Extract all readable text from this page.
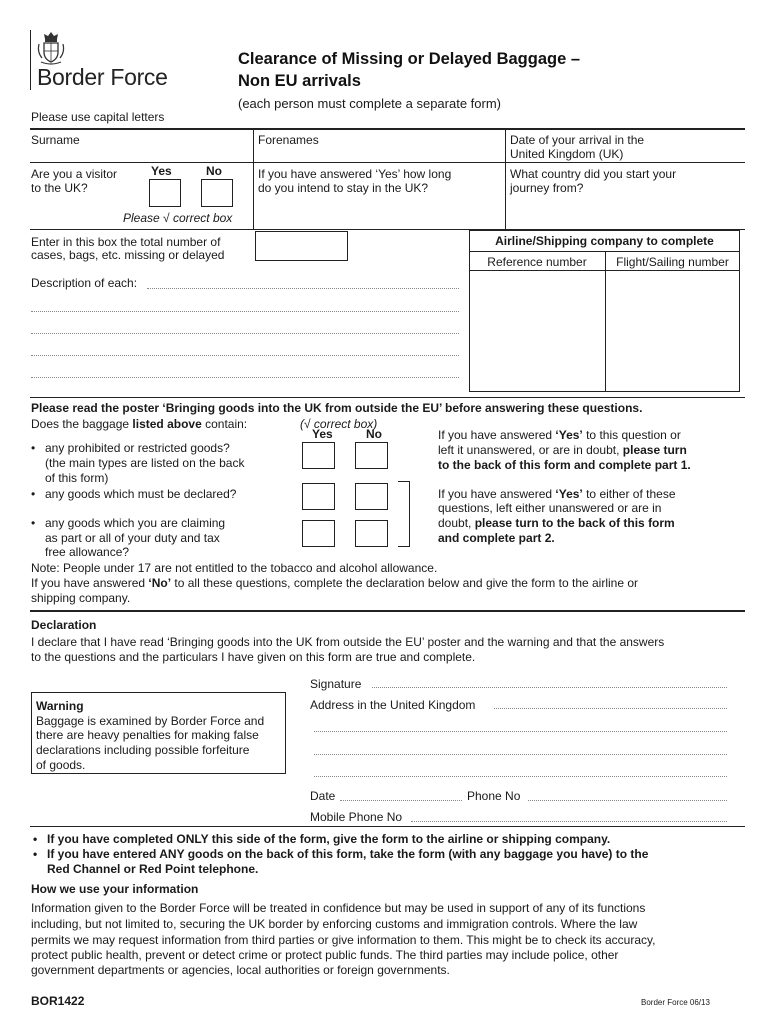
Border Force
Clearance of Missing or Delayed Baggage –
Non EU arrivals
(each person must complete a separate form)
Please use capital letters
Surname	Forenames	Date of your arrival in the
United Kingdom (UK)
Are you a visitor
to the UK?
Yes	No
Please √ correct box
If you have answered ‘Yes’ how long
do you intend to stay in the UK?
What country did you start your
journey from?
Enter in this box the total number of
cases, bags, etc. missing or delayed
Airline/Shipping company to complete
Reference number	Flight/Sailing number
Description of each:
Please read the poster ‘Bringing goods into the UK from outside the EU’ before answering these questions.
Does the baggage listed above contain:	(√ correct box)
Yes	No
• any prohibited or restricted goods?
(the main types are listed on the back
of this form)
• any goods which must be declared?
• any goods which you are claiming
as part or all of your duty and tax
free allowance?
If you have answered ‘Yes’ to this question or
left it unanswered, or are in doubt, please turn
to the back of this form and complete part 1.
If you have answered ‘Yes’ to either of these
questions, left either unanswered or are in
doubt, please turn to the back of this form
and complete part 2.
Note: People under 17 are not entitled to the tobacco and alcohol allowance.
If you have answered ‘No’ to all these questions, complete the declaration below and give the form to the airline or
shipping company.
Declaration
I declare that I have read ‘Bringing goods into the UK from outside the EU’ poster and the warning and that the answers
to the questions and the particulars I have given on this form are true and complete.
Signature
Address in the United Kingdom
Warning
Baggage is examined by Border Force and
there are heavy penalties for making false
declarations including possible forfeiture
of goods.
Date	Phone No
Mobile Phone No
• If you have completed ONLY this side of the form, give the form to the airline or shipping company.
• If you have entered ANY goods on the back of this form, take the form (with any baggage you have) to the
Red Channel or Red Point telephone.
How we use your information
Information given to the Border Force will be treated in confidence but may be used in support of any of its functions
including, but not limited to, securing the UK border by enforcing customs and immigration controls. Where the law
permits we may request information from third parties or give information to them. This might be to check its accuracy,
protect public health, prevent or detect crime or protect public funds. The third parties may include police, other
government departments or agencies, local authorities or foreign governments.
BOR1422	Border Force 06/13
